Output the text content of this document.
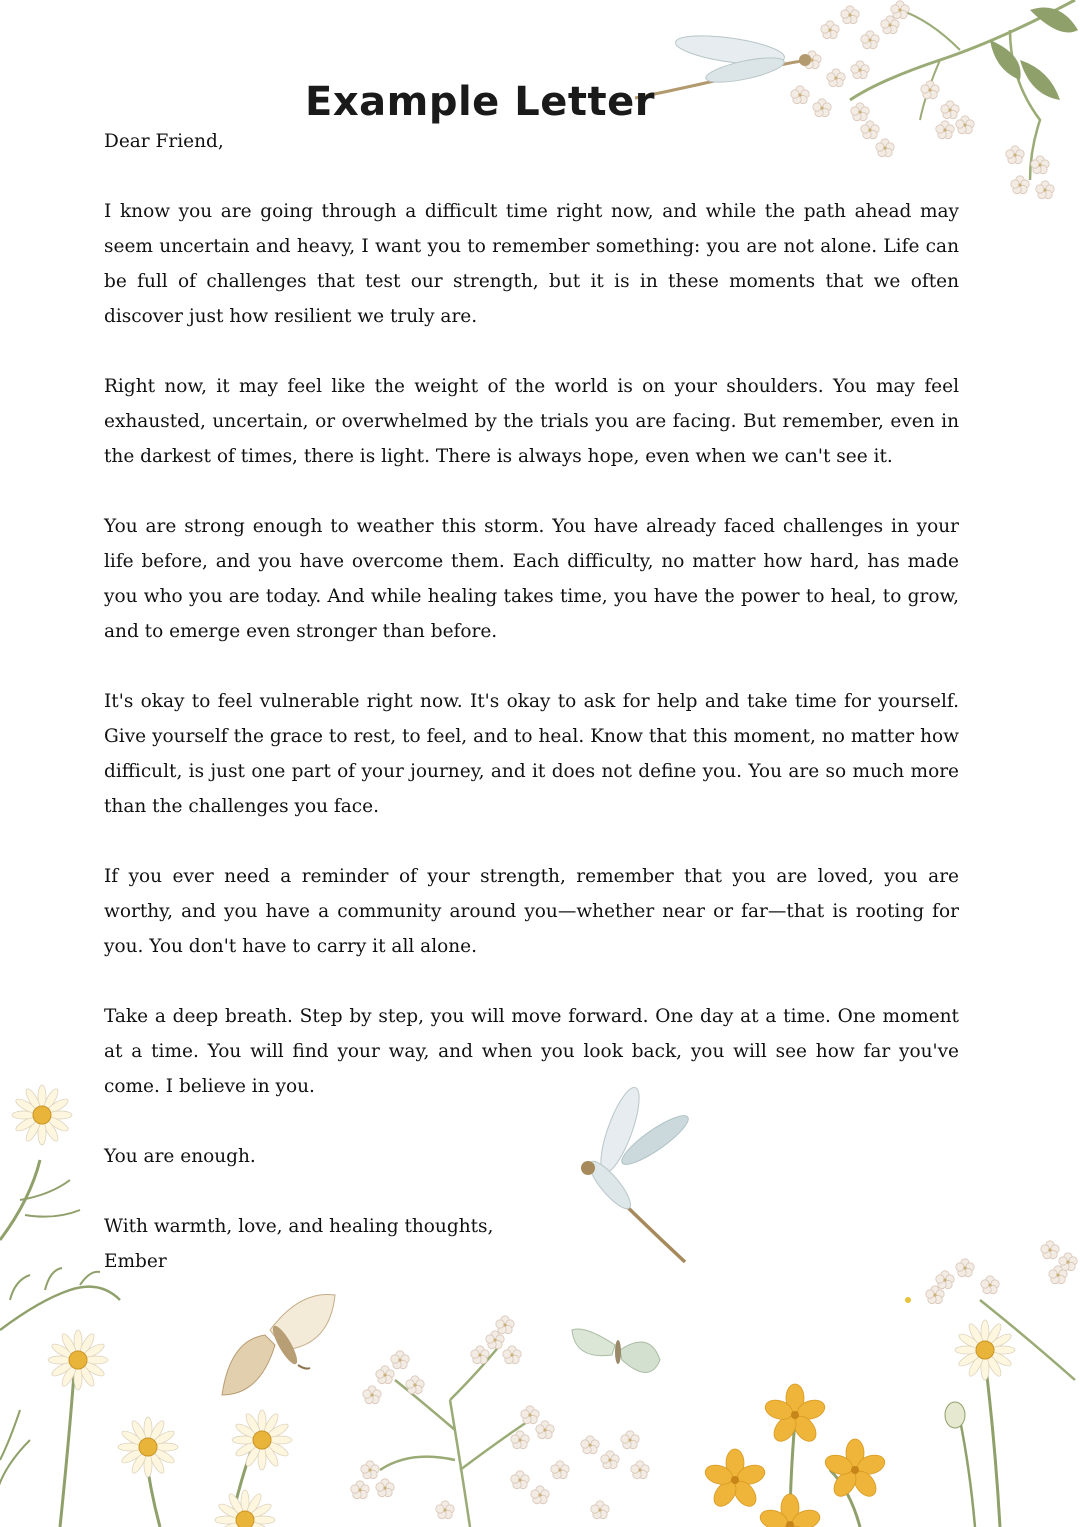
Example Letter

Dear Friend,

I know you are going through a difficult time right now, and while the path ahead may seem uncertain and heavy, I want you to remember something: you are not alone. Life can be full of challenges that test our strength, but it is in these moments that we often discover just how resilient we truly are.

Right now, it may feel like the weight of the world is on your shoulders. You may feel exhausted, uncertain, or overwhelmed by the trials you are facing. But remember, even in the darkest of times, there is light. There is always hope, even when we can't see it.

You are strong enough to weather this storm. You have already faced challenges in your life before, and you have overcome them. Each difficulty, no matter how hard, has made you who you are today. And while healing takes time, you have the power to heal, to grow, and to emerge even stronger than before.

It's okay to feel vulnerable right now. It's okay to ask for help and take time for yourself. Give yourself the grace to rest, to feel, and to heal. Know that this moment, no matter how difficult, is just one part of your journey, and it does not define you. You are so much more than the challenges you face.

If you ever need a reminder of your strength, remember that you are loved, you are worthy, and you have a community around you—whether near or far—that is rooting for you. You don't have to carry it all alone.

Take a deep breath. Step by step, you will move forward. One day at a time. One moment at a time. You will find your way, and when you look back, you will see how far you've come. I believe in you.

You are enough.

With warmth, love, and healing thoughts,

Ember
